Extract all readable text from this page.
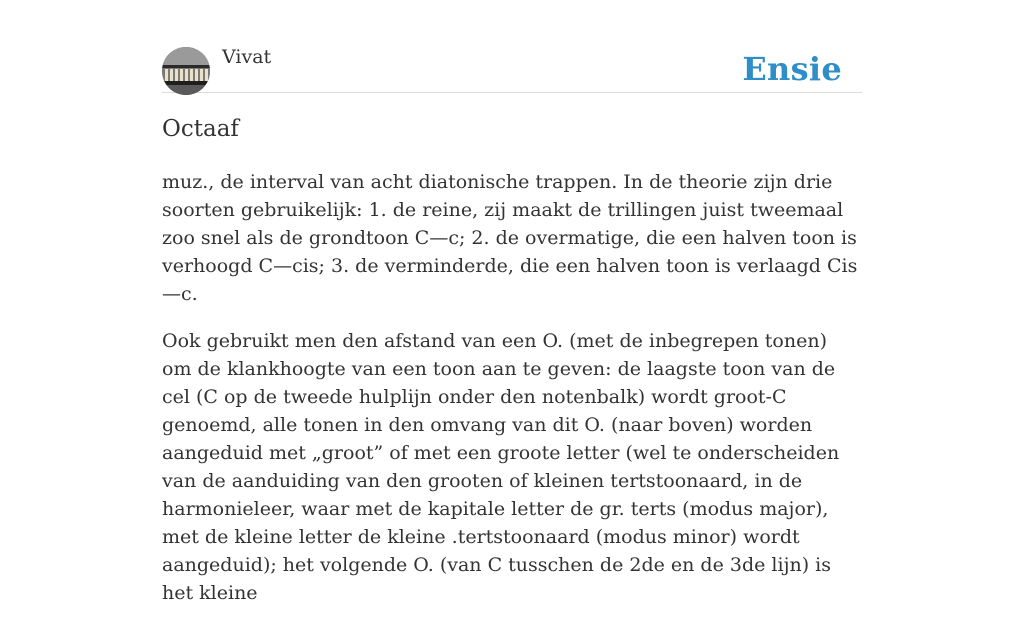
Vivat	Ensie
Octaaf

muz., de interval van acht diatonische trappen. In de theorie zijn drie soorten gebruikelijk: 1. de reine, zij maakt de trillingen juist tweemaal zoo snel als de grondtoon C—c; 2. de overmatige, die een halven toon is verhoogd C—cis; 3. de verminderde, die een halven toon is verlaagd Cis—c.

Ook gebruikt men den afstand van een O. (met de inbegrepen tonen) om de klankhoogte van een toon aan te geven: de laagste toon van de cel (C op de tweede hulplijn onder den notenbalk) wordt groot-C genoemd, alle tonen in den omvang van dit O. (naar boven) worden aangeduid met „groot” of met een groote letter (wel te onderscheiden van de aanduiding van den grooten of kleinen tertstoonaard, in de harmonieleer, waar met de kapitale letter de gr. terts (modus major), met de kleine letter de kleine .tertstoonaard (modus minor) wordt aangeduid); het volgende O. (van C tusschen de 2de en de 3de lijn) is het kleine
